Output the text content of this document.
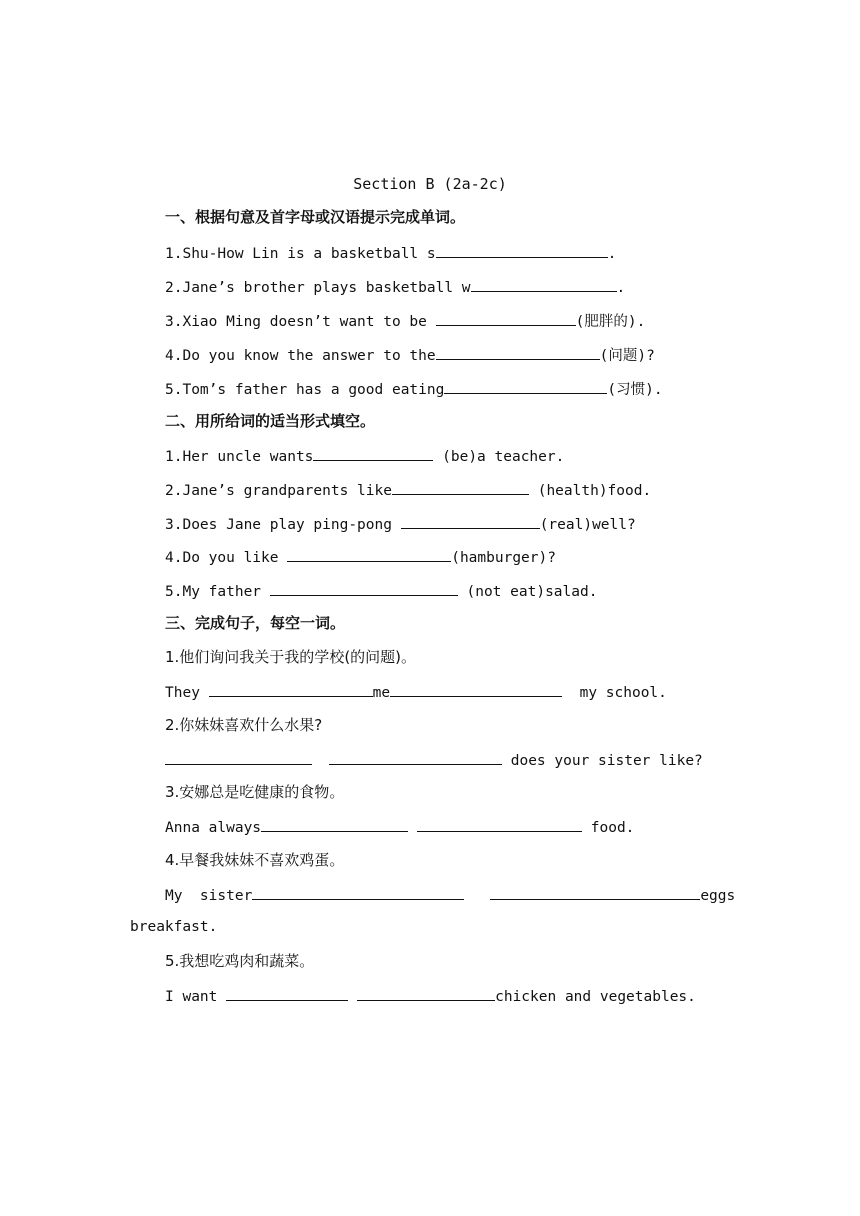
Section B (2a-2c)
一、根据句意及首字母或汉语提示完成单词。
1.Shu-How Lin is a basketball s	.
2.Jane’s brother plays basketball w	.
3.Xiao Ming doesn’t want to be	(肥胖的).
4.Do you know the answer to the	(问题)?
5.Tom’s father has a good eating	(习惯).
二、用所给词的适当形式填空。
1.Her uncle wants	(be)a teacher.
2.Jane’s grandparents like	(health)food.
3.Does Jane play ping-pong	(real)well?
4.Do you like	(hamburger)?
5.My father	(not eat)salad.
三、完成句子，每空一词。
1.他们询问我关于我的学校(的问题)。
They	me	my school.
2.你妹妹喜欢什么水果?
does your sister like?
3.安娜总是吃健康的食物。
Anna always	food.
4.早餐我妹妹不喜欢鸡蛋。
My  sister	eggs
breakfast.
5.我想吃鸡肉和蔬菜。
I want	chicken and vegetables.
